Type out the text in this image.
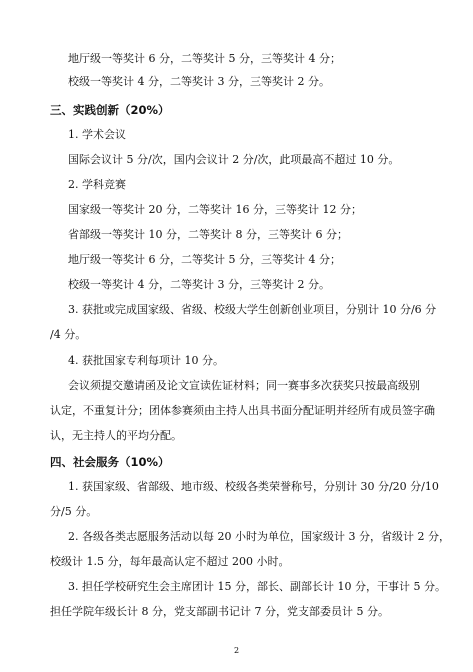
地厅级一等奖计 6 分，二等奖计 5 分，三等奖计 4 分；
校级一等奖计 4 分，二等奖计 3 分，三等奖计 2 分。
三、实践创新（20%）
1. 学术会议
国际会议计 5 分/次，国内会议计 2 分/次，此项最高不超过 10 分。
2. 学科竞赛
国家级一等奖计 20 分，二等奖计 16 分，三等奖计 12 分；
省部级一等奖计 10 分，二等奖计 8 分，三等奖计 6 分；
地厅级一等奖计 6 分，二等奖计 5 分，三等奖计 4 分；
校级一等奖计 4 分，二等奖计 3 分，三等奖计 2 分。
3. 获批或完成国家级、省级、校级大学生创新创业项目，分别计 10 分/6 分
/4 分。
4. 获批国家专利每项计 10 分。
会议须提交邀请函及论文宣读佐证材料；同一赛事多次获奖只按最高级别
认定，不重复计分；团体参赛须由主持人出具书面分配证明并经所有成员签字确
认，无主持人的平均分配。
四、社会服务（10%）
1. 获国家级、省部级、地市级、校级各类荣誉称号，分别计 30 分/20 分/10
分/5 分。
2. 各级各类志愿服务活动以每 20 小时为单位，国家级计 3 分，省级计 2 分，
校级计 1.5 分，每年最高认定不超过 200 小时。
3. 担任学校研究生会主席团计 15 分，部长、副部长计 10 分，干事计 5 分。
担任学院年级长计 8 分，党支部副书记计 7 分，党支部委员计 5 分。
2
